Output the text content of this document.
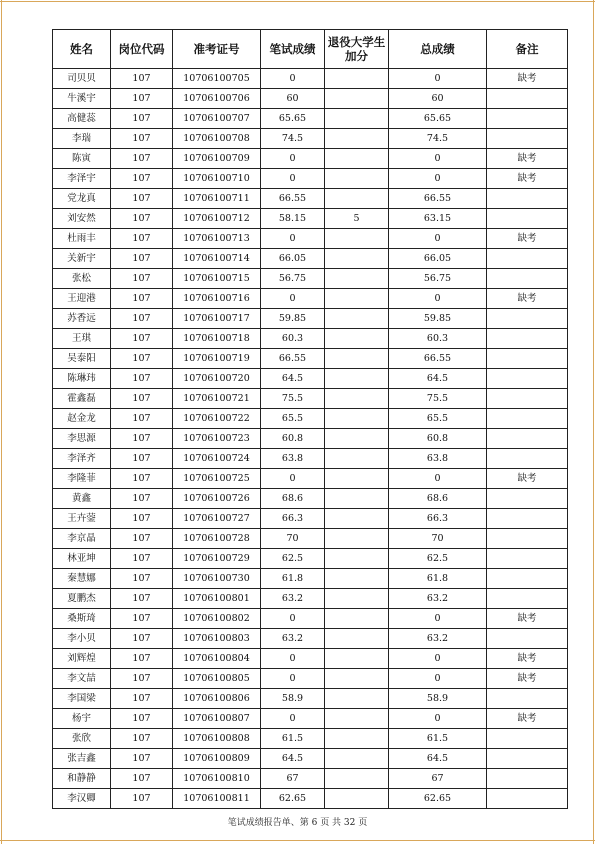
姓名	岗位代码	准考证号	笔试成绩	退役大学生加分	总成绩	备注
司贝贝	107	10706100705	0		0	缺考
牛溪宇	107	10706100706	60		60	
高健蕊	107	10706100707	65.65		65.65	
李瑞	107	10706100708	74.5		74.5	
陈寅	107	10706100709	0		0	缺考
李泽宇	107	10706100710	0		0	缺考
党龙真	107	10706100711	66.55		66.55	
刘安然	107	10706100712	58.15	5	63.15	
杜雨丰	107	10706100713	0		0	缺考
关新宇	107	10706100714	66.05		66.05	
张松	107	10706100715	56.75		56.75	
王迎港	107	10706100716	0		0	缺考
苏香远	107	10706100717	59.85		59.85	
王琪	107	10706100718	60.3		60.3	
吴泰阳	107	10706100719	66.55		66.55	
陈琳玮	107	10706100720	64.5		64.5	
霍鑫磊	107	10706100721	75.5		75.5	
赵金龙	107	10706100722	65.5		65.5	
李思源	107	10706100723	60.8		60.8	
李泽齐	107	10706100724	63.8		63.8	
李隆菲	107	10706100725	0		0	缺考
黄鑫	107	10706100726	68.6		68.6	
王卉蓥	107	10706100727	66.3		66.3	
李京晶	107	10706100728	70		70	
林亚坤	107	10706100729	62.5		62.5	
秦慧娜	107	10706100730	61.8		61.8	
夏鹏杰	107	10706100801	63.2		63.2	
桑斯琦	107	10706100802	0		0	缺考
李小贝	107	10706100803	63.2		63.2	
刘辉煌	107	10706100804	0		0	缺考
李文喆	107	10706100805	0		0	缺考
李国梁	107	10706100806	58.9		58.9	
杨宇	107	10706100807	0		0	缺考
张欣	107	10706100808	61.5		61.5	
张吉鑫	107	10706100809	64.5		64.5	
和静静	107	10706100810	67		67	
李汉卿	107	10706100811	62.65		62.65	
笔试成绩报告单、第 6 页 共 32 页
